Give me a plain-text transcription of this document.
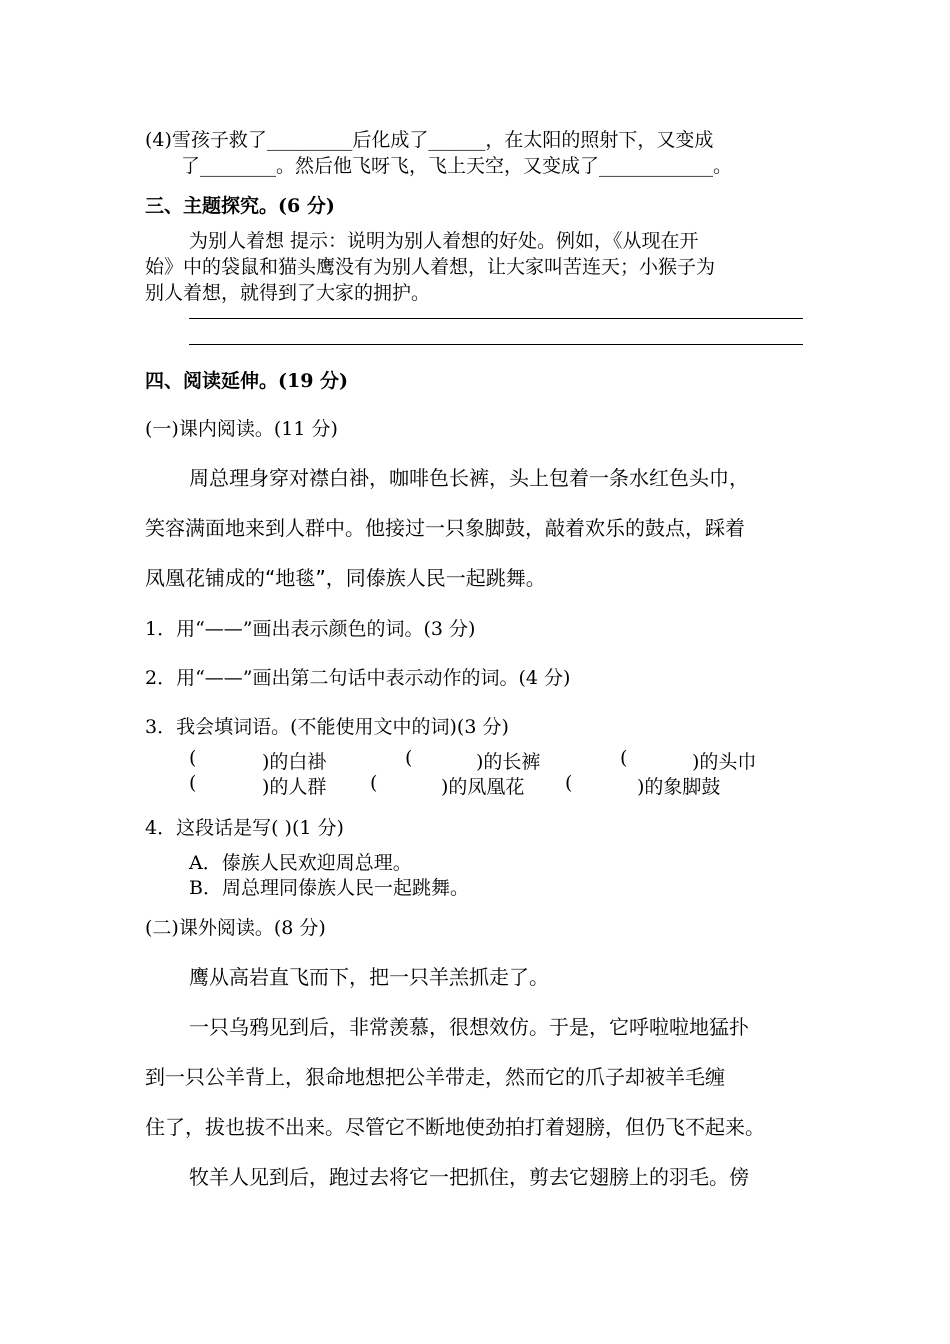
(4)雪孩子救了_________后化成了______，在太阳的照射下，又变成
了________。然后他飞呀飞，飞上天空，又变成了____________。
三、主题探究。(6 分)
为别人着想 提示：说明为别人着想的好处。例如，《从现在开
始》中的袋鼠和猫头鹰没有为别人着想，让大家叫苦连天；小猴子为
别人着想，就得到了大家的拥护。
四、阅读延伸。(19 分)
(一)课内阅读。(11 分)
周总理身穿对襟白褂，咖啡色长裤，头上包着一条水红色头巾，
笑容满面地来到人群中。他接过一只象脚鼓，敲着欢乐的鼓点，踩着
凤凰花铺成的“地毯”，同傣族人民一起跳舞。
1．用“——”画出表示颜色的词。(3 分)
2．用“——”画出第二句话中表示动作的词。(4 分)
3．我会填词语。(不能使用文中的词)(3 分)
(	)的白褂	(	)的长裤	(	)的头巾
(	)的人群 (	)的凤凰花 (	)的象脚鼓
4．这段话是写( )(1 分)
A．傣族人民欢迎周总理。
B．周总理同傣族人民一起跳舞。
(二)课外阅读。(8 分)
鹰从高岩直飞而下，把一只羊羔抓走了。
一只乌鸦见到后，非常羡慕，很想效仿。于是，它呼啦啦地猛扑
到一只公羊背上，狠命地想把公羊带走，然而它的爪子却被羊毛缠
住了，拔也拔不出来。尽管它不断地使劲拍打着翅膀，但仍飞不起来。
牧羊人见到后，跑过去将它一把抓住，剪去它翅膀上的羽毛。傍
